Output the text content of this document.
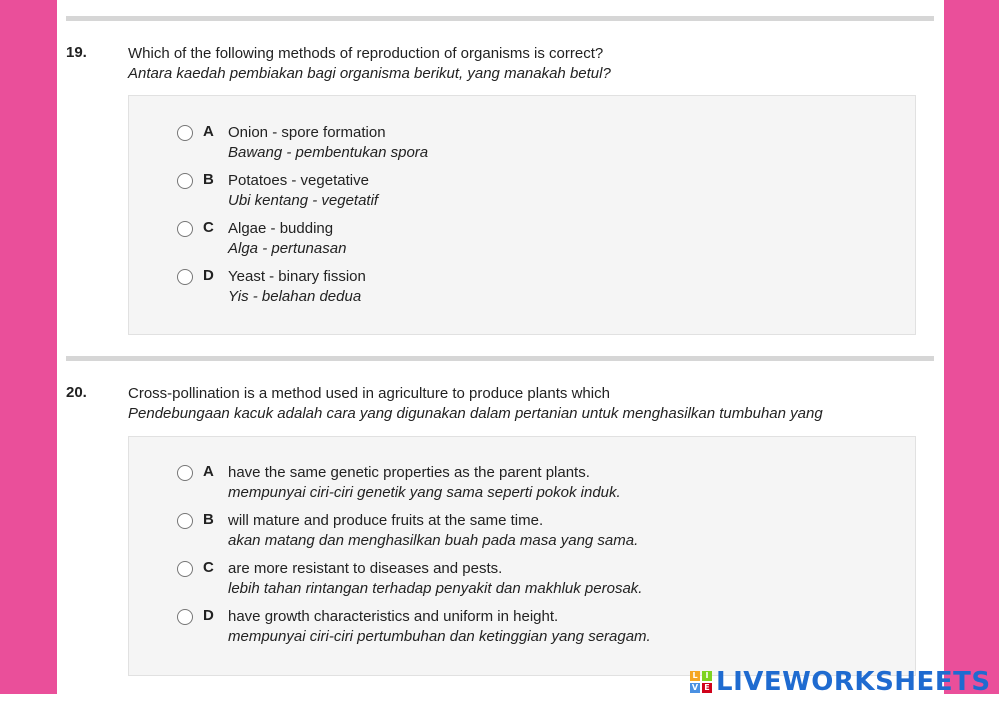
19.	Which of the following methods of reproduction of organisms is correct?
Antara kaedah pembiakan bagi organisma berikut, yang manakah betul?
A Onion - spore formation
Bawang - pembentukan spora
B Potatoes - vegetative
Ubi kentang - vegetatif
C Algae - budding
Alga - pertunasan
D Yeast - binary fission
Yis - belahan dedua
20.	Cross-pollination is a method used in agriculture to produce plants which
Pendebungaan kacuk adalah cara yang digunakan dalam pertanian untuk menghasilkan tumbuhan yang
A have the same genetic properties as the parent plants.
mempunyai ciri-ciri genetik yang sama seperti pokok induk.
B will mature and produce fruits at the same time.
akan matang dan menghasilkan buah pada masa yang sama.
C are more resistant to diseases and pests.
lebih tahan rintangan terhadap penyakit dan makhluk perosak.
D have growth characteristics and uniform in height.
mempunyai ciri-ciri pertumbuhan dan ketinggian yang seragam.
L I
V E LIVEWORKSHEETS
